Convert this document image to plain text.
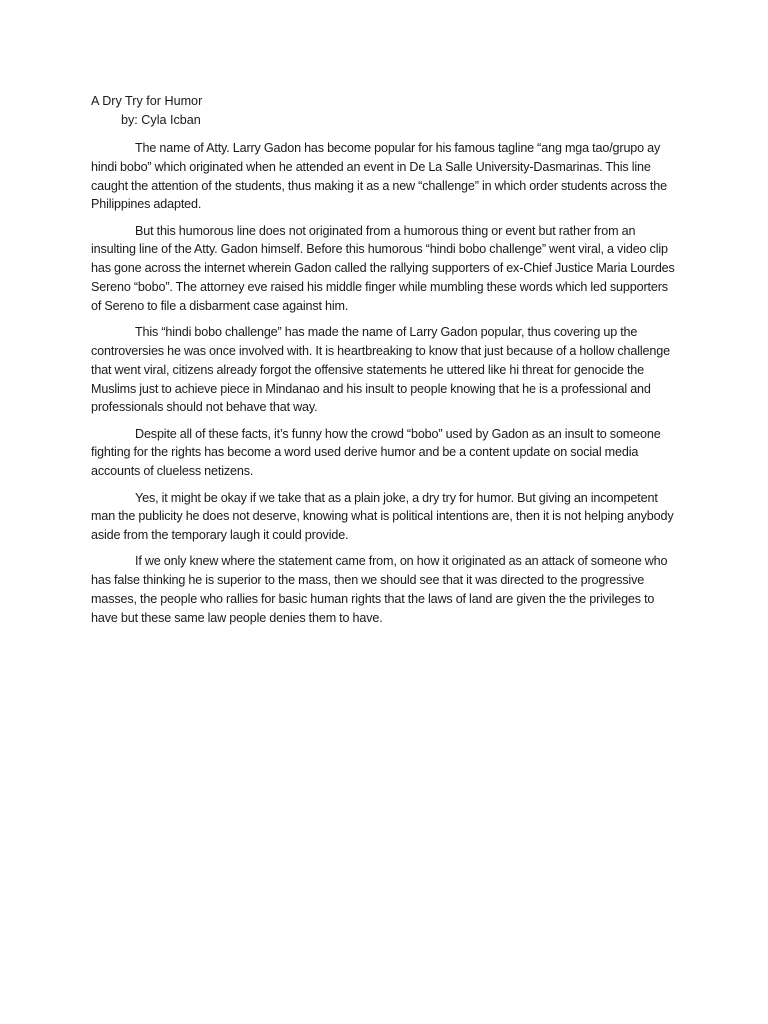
A Dry Try for Humor
by: Cyla Icban

The name of Atty. Larry Gadon has become popular for his famous tagline “ang mga tao/grupo ay hindi bobo” which originated when he attended an event in De La Salle University-Dasmarinas. This line caught the attention of the students, thus making it as a new “challenge” in which order students across the Philippines adapted.

But this humorous line does not originated from a humorous thing or event but rather from an insulting line of the Atty. Gadon himself. Before this humorous “hindi bobo challenge” went viral, a video clip has gone across the internet wherein Gadon called the rallying supporters of ex-Chief Justice Maria Lourdes Sereno “bobo”. The attorney eve raised his middle finger while mumbling these words which led supporters of Sereno to file a disbarment case against him.

This “hindi bobo challenge” has made the name of Larry Gadon popular, thus covering up the controversies he was once involved with. It is heartbreaking to know that just because of a hollow challenge that went viral, citizens already forgot the offensive statements he uttered like hi threat for genocide the Muslims just to achieve piece in Mindanao and his insult to people knowing that he is a professional and professionals should not behave that way.

Despite all of these facts, it’s funny how the crowd “bobo” used by Gadon as an insult to someone fighting for the rights has become a word used derive humor and be a content update on social media accounts of clueless netizens.

Yes, it might be okay if we take that as a plain joke, a dry try for humor. But giving an incompetent man the publicity he does not deserve, knowing what is political intentions are, then it is not helping anybody aside from the temporary laugh it could provide.

If we only knew where the statement came from, on how it originated as an attack of someone who has false thinking he is superior to the mass, then we should see that it was directed to the progressive masses, the people who rallies for basic human rights that the laws of land are given the the privileges to have but these same law people denies them to have.
